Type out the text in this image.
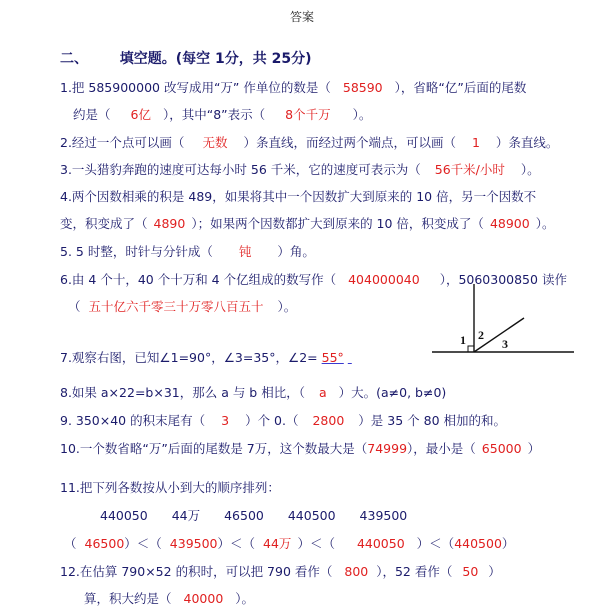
答案
二、 填空题。(每空 1分，共 25分)
1.把 585900000 改写成用“万” 作单位的数是（ 58590 ），省略“亿”后面的尾数
约是（ 6亿 ），其中“8”表示（ 8个千万 ）。
2.经过一个点可以画（ 无数 ）条直线，而经过两个端点，可以画（ 1 ）条直线。
3.一头猎豹奔跑的速度可达每小时 56 千米，它的速度可表示为（ 56千米/小时 ）。
4.两个因数相乘的积是 489，如果将其中一个因数扩大到原来的 10 倍，另一个因数不
变，积变成了（ 4890 ）；如果两个因数都扩大到原来的 10 倍，积变成了（ 48900 ）。
5. 5 时整，时针与分针成（ 钝 ）角。
6.由 4 个十，40 个十万和 4 个亿组成的数写作（ 404000040 ），5060300850 读作
（ 五十亿六千零三十万零八百五十 ）。
7.观察右图，已知∠1=90°，∠3=35°，∠2= 55°
1 2
3
8.如果 a×22=b×31，那么 a 与 b 相比，（ a ）大。(a≠0, b≠0)
9. 350×40 的积末尾有（ 3 ）个 0.（ 2800 ）是 35 个 80 相加的和。
10.一个数省略“万”后面的尾数是 7万，这个数最大是（74999），最小是（ 65000 ）
11.把下列各数按从小到大的顺序排列：
440050 44万 46500 440500 439500
（ 46500）＜（ 439500）＜（ 44万 ）＜（ 440050 ）＜（440500）
12.在估算 790×52 的积时，可以把 790 看作（ 800 ），52 看作（ 50 ）
算，积大约是（ 40000 ）。
